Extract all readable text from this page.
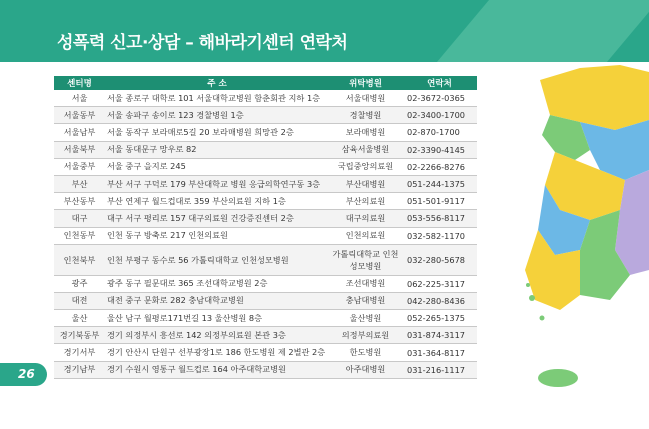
성폭력 신고·상담 – 해바라기센터 연락처
센터명	주 소	위탁병원	연락처
서울	서울 종로구 대학로 101 서울대학교병원 함춘회관 지하 1층	서울대병원	02-3672-0365
서울동부	서울 송파구 송이로 123 경찰병원 1층	경찰병원	02-3400-1700
서울남부	서울 동작구 보라매로5길 20 보라매병원 희망관 2층	보라매병원	02-870-1700
서울북부	서울 동대문구 망우로 82	삼육서울병원	02-3390-4145
서울중부	서울 중구 을지로 245	국립중앙의료원	02-2266-8276
부산	부산 서구 구덕로 179 부산대학교 병원 응급의학연구동 3층	부산대병원	051-244-1375
부산동부	부산 연제구 월드컵대로 359 부산의료원 지하 1층	부산의료원	051-501-9117
대구	대구 서구 평리로 157 대구의료원 건강증진센터 2층	대구의료원	053-556-8117
인천동부	인천 동구 방축로 217 인천의료원	인천의료원	032-582-1170
인천북부	인천 부평구 동수로 56 가톨릭대학교 인천성모병원	가톨릭대학교 인천성모병원	032-280-5678
광주	광주 동구 필문대로 365 조선대학교병원 2층	조선대병원	062-225-3117
대전	대전 중구 문화로 282 충남대학교병원	충남대병원	042-280-8436
울산	울산 남구 월평로171번길 13 울산병원 8층	울산병원	052-265-1375
경기북동부	경기 의정부시 흥선로 142 의정부의료원 본관 3층	의정부의료원	031-874-3117
경기서부	경기 안산시 단원구 선부광장1로 186 한도병원 제 2별관 2층	한도병원	031-364-8117
경기남부	경기 수원시 영통구 월드컵로 164 아주대학교병원	아주대병원	031-216-1117
26
